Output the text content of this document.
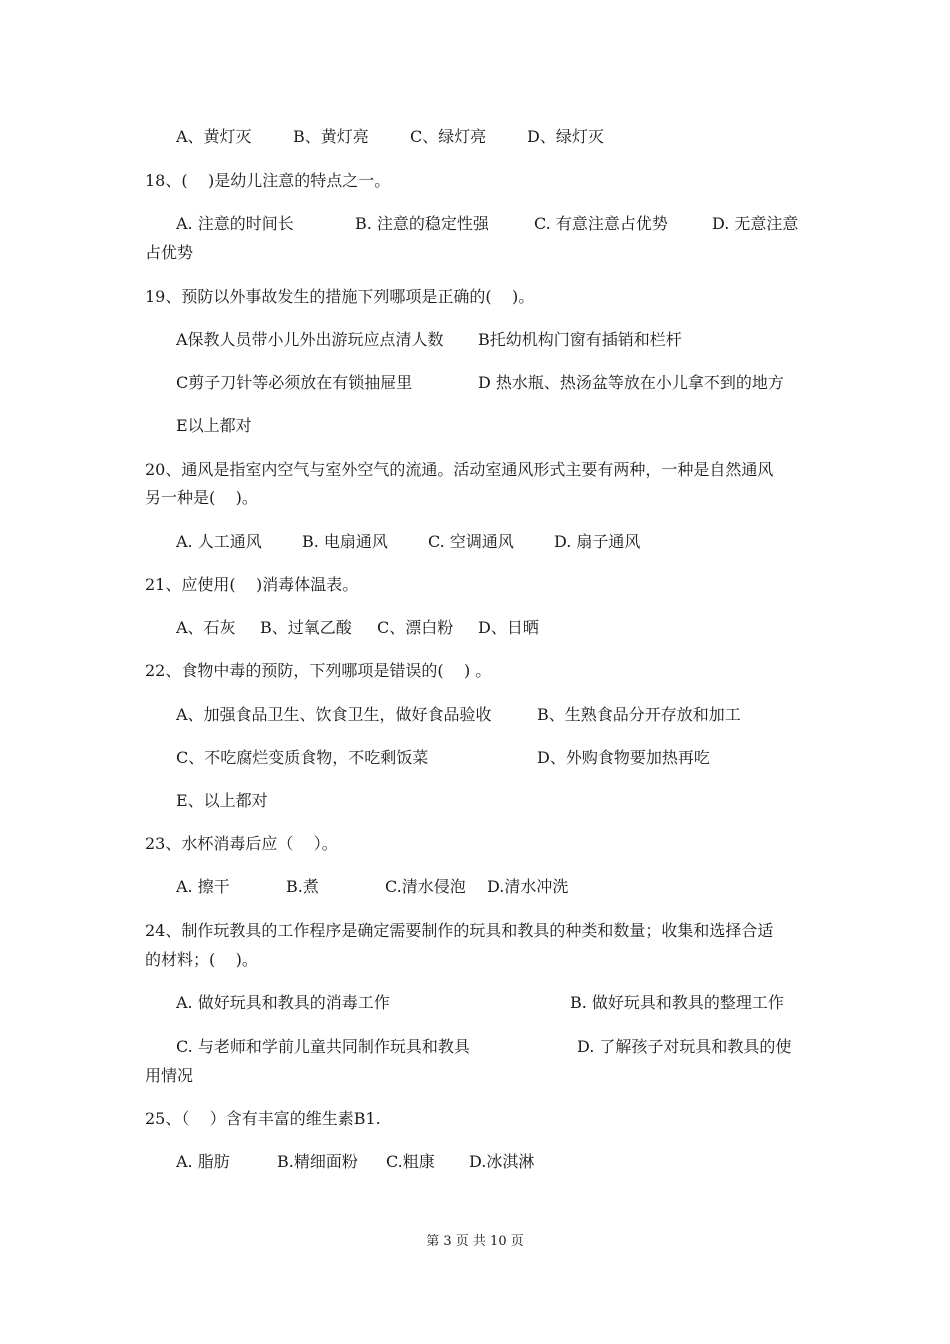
A、黄灯灭	B、黄灯亮	C、绿灯亮	D、绿灯灭
18、(    )是幼儿注意的特点之一。
A. 注意的时间长	B. 注意的稳定性强	C. 有意注意占优势	D. 无意注意
占优势
19、预防以外事故发生的措施下列哪项是正确的(    )。
A保教人员带小儿外出游玩应点清人数 B托幼机构门窗有插销和栏杆
C剪子刀针等必须放在有锁抽屉里	D 热水瓶、热汤盆等放在小儿拿不到的地方
E以上都对
20、通风是指室内空气与室外空气的流通。活动室通风形式主要有两种，一种是自然通风
另一种是(    )。
A. 人工通风	B. 电扇通风	C. 空调通风	D. 扇子通风
21、应使用(    )消毒体温表。
A、石灰 B、过氧乙酸 C、漂白粉 D、日晒
22、食物中毒的预防，下列哪项是错误的(    ) 。
A、加强食品卫生、饮食卫生，做好食品验收	B、生熟食品分开存放和加工
C、不吃腐烂变质食物，不吃剩饭菜	D、外购食物要加热再吃
E、以上都对
23、水杯消毒后应（    ）。
A. 擦干	B.煮	C.清水侵泡 D.清水冲洗
24、制作玩教具的工作程序是确定需要制作的玩具和教具的种类和数量；收集和选择合适
的材料；(    )。
A. 做好玩具和教具的消毒工作	B. 做好玩具和教具的整理工作
C. 与老师和学前儿童共同制作玩具和教具	D. 了解孩子对玩具和教具的使
用情况
25、（    ）含有丰富的维生素B1.
A. 脂肪	B.精细面粉 C.粗康 D.冰淇淋
第 3 页 共 10 页
